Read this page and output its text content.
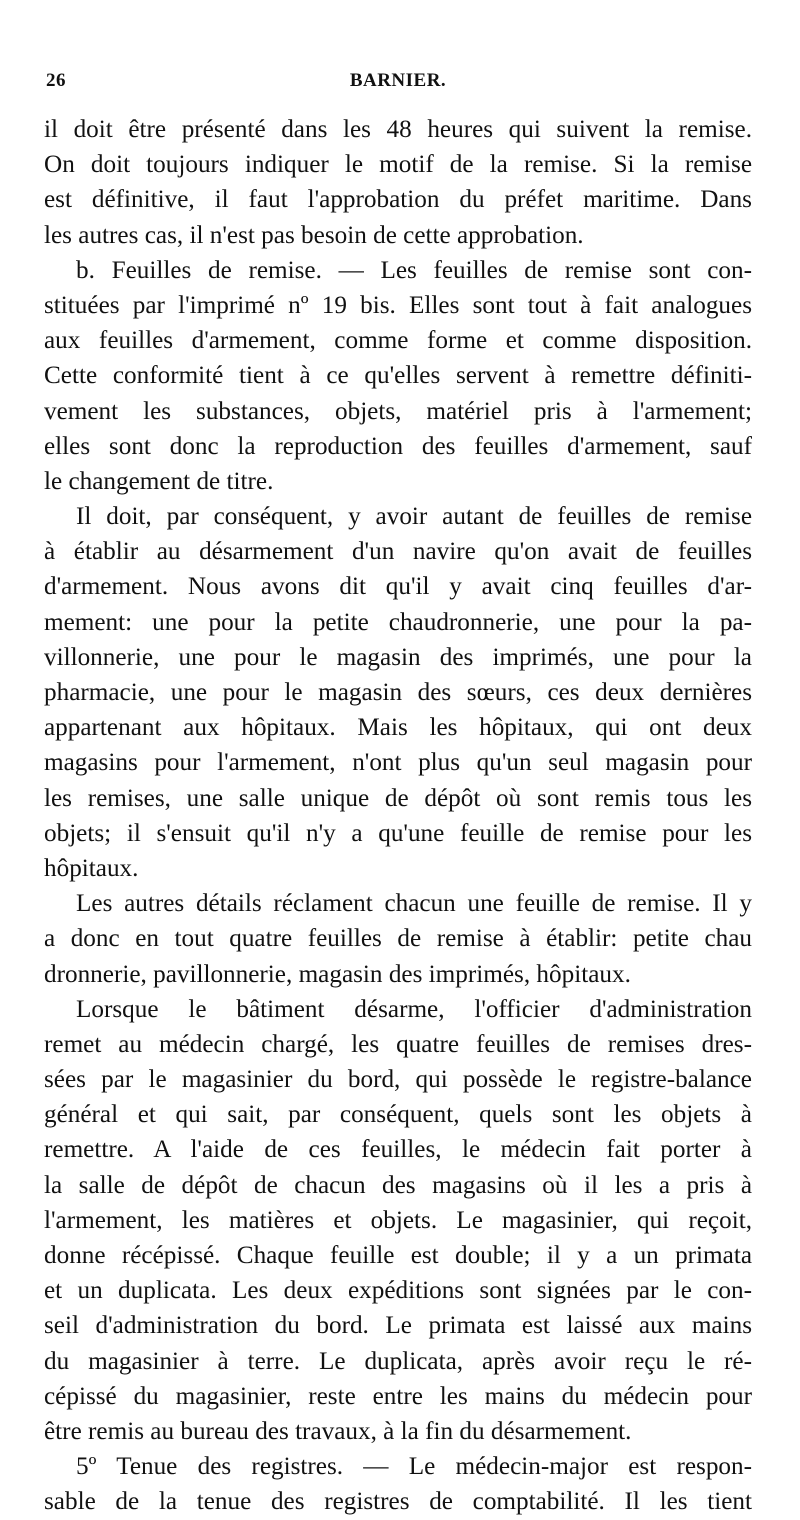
26	BARNIER.
il doit être présenté dans les 48 heures qui suivent la remise.
On doit toujours indiquer le motif de la remise. Si la remise
est définitive, il faut l'approbation du préfet maritime. Dans
les autres cas, il n'est pas besoin de cette approbation.
b. Feuilles de remise. — Les feuilles de remise sont con-
stituées par l'imprimé nº 19 bis. Elles sont tout à fait analogues
aux feuilles d'armement, comme forme et comme disposition.
Cette conformité tient à ce qu'elles servent à remettre définiti-
vement les substances, objets, matériel pris à l'armement;
elles sont donc la reproduction des feuilles d'armement, sauf
le changement de titre.
Il doit, par conséquent, y avoir autant de feuilles de remise
à établir au désarmement d'un navire qu'on avait de feuilles
d'armement. Nous avons dit qu'il y avait cinq feuilles d'ar-
mement: une pour la petite chaudronnerie, une pour la pa-
villonnerie, une pour le magasin des imprimés, une pour la
pharmacie, une pour le magasin des sœurs, ces deux dernières
appartenant aux hôpitaux. Mais les hôpitaux, qui ont deux
magasins pour l'armement, n'ont plus qu'un seul magasin pour
les remises, une salle unique de dépôt où sont remis tous les
objets; il s'ensuit qu'il n'y a qu'une feuille de remise pour les
hôpitaux.
Les autres détails réclament chacun une feuille de remise. Il y
a donc en tout quatre feuilles de remise à établir: petite chau
dronnerie, pavillonnerie, magasin des imprimés, hôpitaux.
Lorsque le bâtiment désarme, l'officier d'administration
remet au médecin chargé, les quatre feuilles de remises dres-
sées par le magasinier du bord, qui possède le registre-balance
général et qui sait, par conséquent, quels sont les objets à
remettre. A l'aide de ces feuilles, le médecin fait porter à
la salle de dépôt de chacun des magasins où il les a pris à
l'armement, les matières et objets. Le magasinier, qui reçoit,
donne récépissé. Chaque feuille est double; il y a un primata
et un duplicata. Les deux expéditions sont signées par le con-
seil d'administration du bord. Le primata est laissé aux mains
du magasinier à terre. Le duplicata, après avoir reçu le ré-
cépissé du magasinier, reste entre les mains du médecin pour
être remis au bureau des travaux, à la fin du désarmement.
5º Tenue des registres. — Le médecin-major est respon-
sable de la tenue des registres de comptabilité. Il les tient
